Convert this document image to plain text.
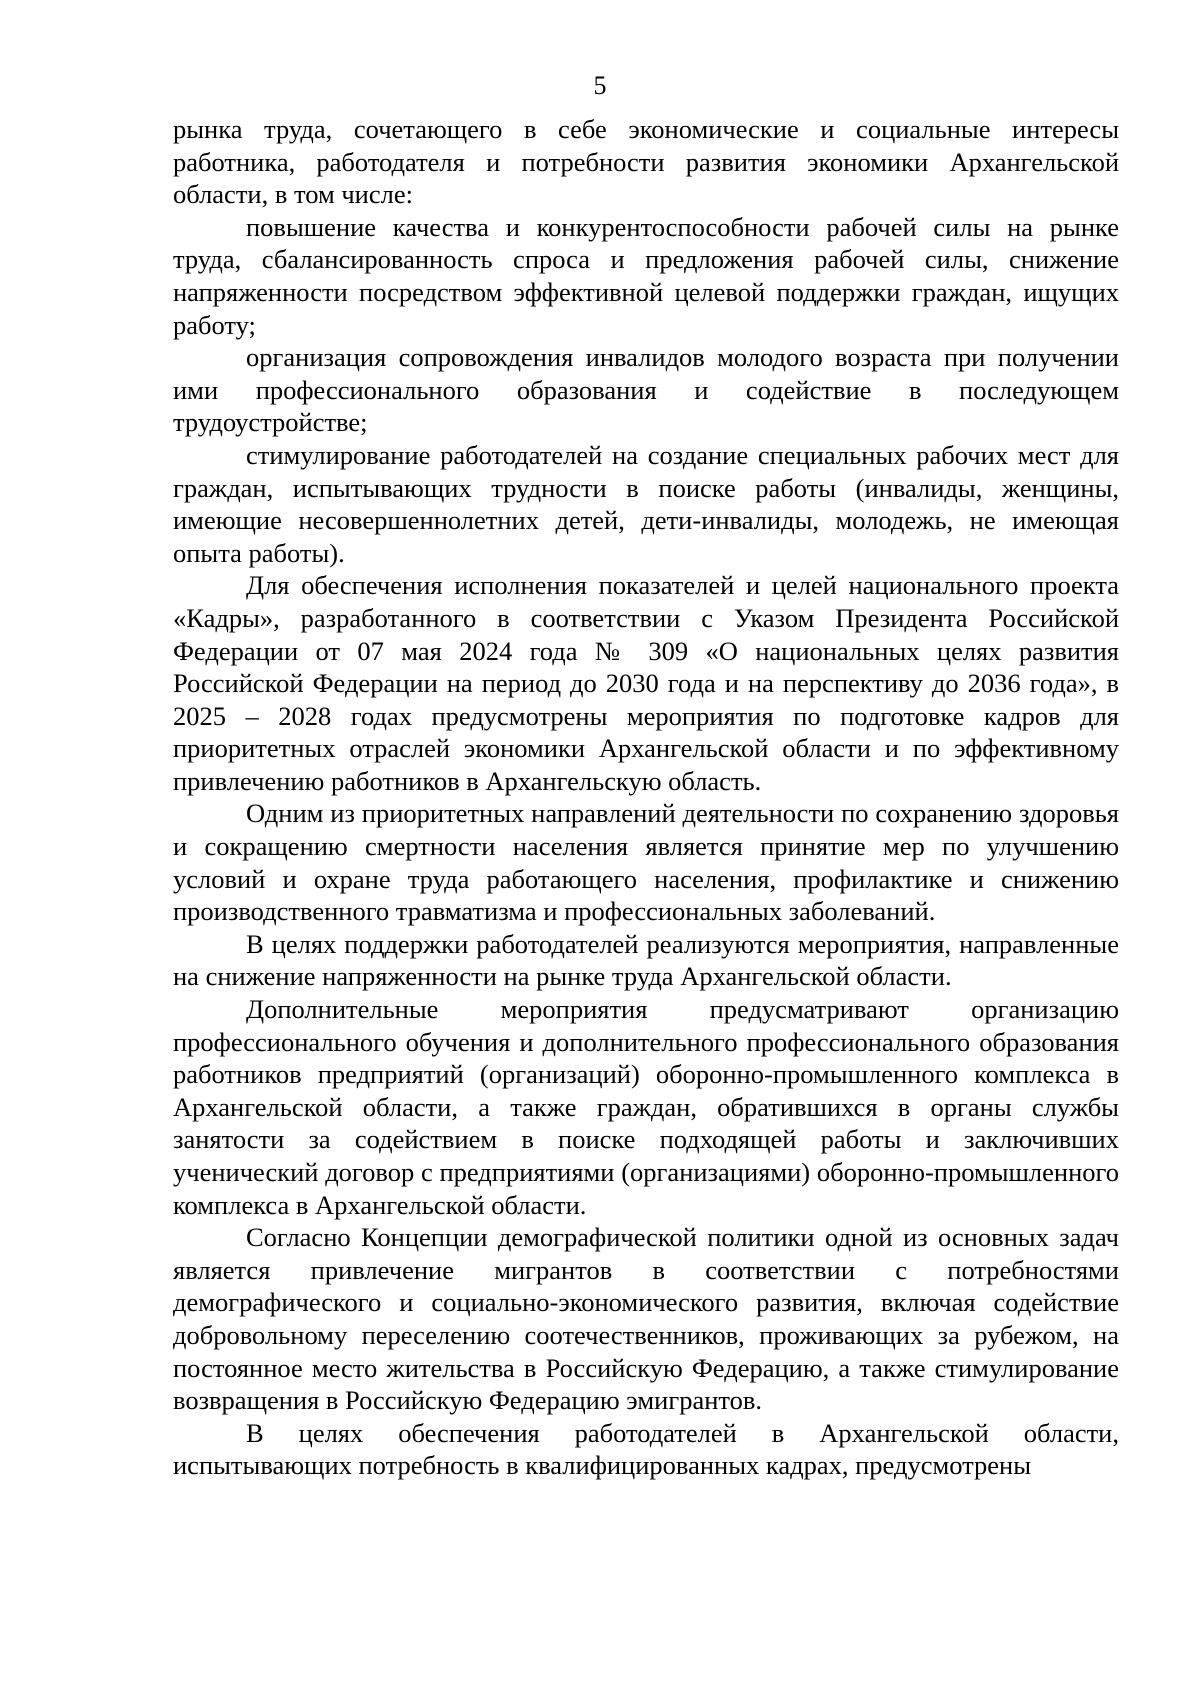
5

рынка труда, сочетающего в себе экономические и социальные интересы работника, работодателя и потребности развития экономики Архангельской области, в том числе:

повышение качества и конкурентоспособности рабочей силы на рынке труда, сбалансированность спроса и предложения рабочей силы, снижение напряженности посредством эффективной целевой поддержки граждан, ищущих работу;

организация сопровождения инвалидов молодого возраста при получении ими профессионального образования и содействие в последующем трудоустройстве;

стимулирование работодателей на создание специальных рабочих мест для граждан, испытывающих трудности в поиске работы (инвалиды, женщины, имеющие несовершеннолетних детей, дети-инвалиды, молодежь, не имеющая опыта работы).

Для обеспечения исполнения показателей и целей национального проекта «Кадры», разработанного в соответствии с Указом Президента Российской Федерации от 07 мая 2024 года № 309 «О национальных целях развития Российской Федерации на период до 2030 года и на перспективу до 2036 года», в 2025 – 2028 годах предусмотрены мероприятия по подготовке кадров для приоритетных отраслей экономики Архангельской области и по эффективному привлечению работников в Архангельскую область.

Одним из приоритетных направлений деятельности по сохранению здоровья и сокращению смертности населения является принятие мер по улучшению условий и охране труда работающего населения, профилактике и снижению производственного травматизма и профессиональных заболеваний.

В целях поддержки работодателей реализуются мероприятия, направленные на снижение напряженности на рынке труда Архангельской области.

Дополнительные мероприятия предусматривают организацию профессионального обучения и дополнительного профессионального образования работников предприятий (организаций) оборонно-промышленного комплекса в Архангельской области, а также граждан, обратившихся в органы службы занятости за содействием в поиске подходящей работы и заключивших ученический договор с предприятиями (организациями) оборонно-промышленного комплекса в Архангельской области.

Согласно Концепции демографической политики одной из основных задач является привлечение мигрантов в соответствии с потребностями демографического и социально-экономического развития, включая содействие добровольному переселению соотечественников, проживающих за рубежом, на постоянное место жительства в Российскую Федерацию, а также стимулирование возвращения в Российскую Федерацию эмигрантов.

В целях обеспечения работодателей в Архангельской области, испытывающих потребность в квалифицированных кадрах, предусмотрены
